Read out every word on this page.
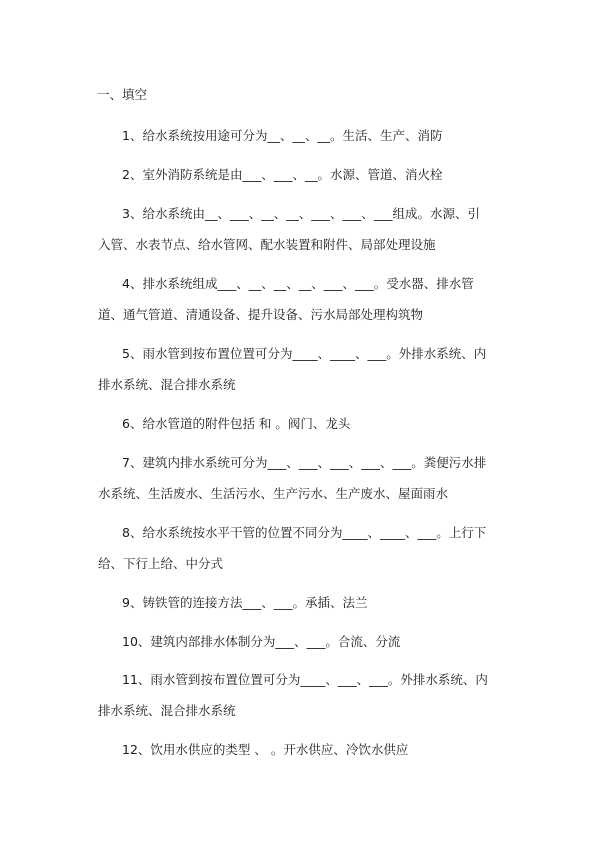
一、填空
1、给水系统按用途可分为__、__、__。生活、生产、消防
2、室外消防系统是由___、___、__。水源、管道、消火栓
3、给水系统由__、___、__、__、___、___、___组成。水源、引
入管、水表节点、给水管网、配水装置和附件、局部处理设施
4、排水系统组成___、__、__、__、___、___。受水器、排水管
道、通气管道、清通设备、提升设备、污水局部处理构筑物
5、雨水管到按布置位置可分为____、____、___。外排水系统、内
排水系统、混合排水系统
6、给水管道的附件包括 和 。阀门、龙头
7、建筑内排水系统可分为___、___、___、___、___。粪便污水排
水系统、生活废水、生活污水、生产污水、生产废水、屋面雨水
8、给水系统按水平干管的位置不同分为____、____、___。上行下
给、下行上给、中分式
9、铸铁管的连接方法___、___。承插、法兰
10、建筑内部排水体制分为___、___。合流、分流
11、雨水管到按布置位置可分为____、___、___。外排水系统、内
排水系统、混合排水系统
12、饮用水供应的类型 、 。开水供应、冷饮水供应
